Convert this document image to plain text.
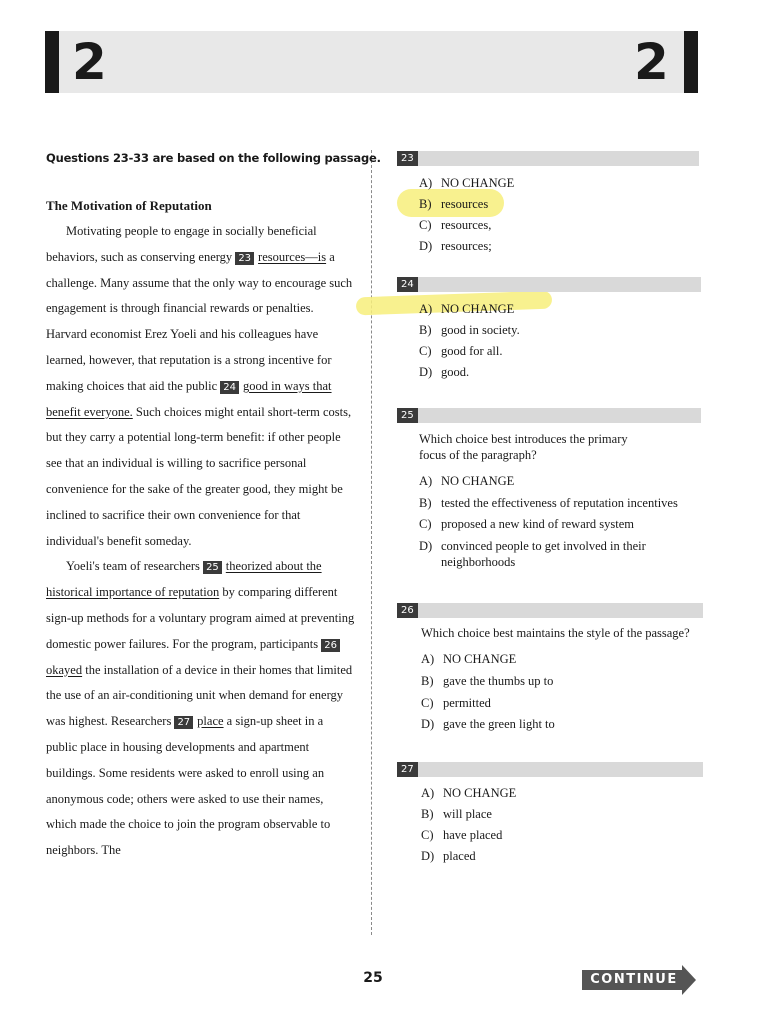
2	2
Questions 23-33 are based on the following passage.
The Motivation of Reputation

Motivating people to engage in socially beneficial behaviors, such as conserving energy 23 resources—is a challenge. Many assume that the only way to encourage such engagement is through financial rewards or penalties. Harvard economist Erez Yoeli and his colleagues have learned, however, that reputation is a strong incentive for making choices that aid the public 24 good in ways that benefit everyone. Such choices might entail short-term costs, but they carry a potential long-term benefit: if other people see that an individual is willing to sacrifice personal convenience for the sake of the greater good, they might be inclined to sacrifice their own convenience for that individual's benefit someday.

Yoeli's team of researchers 25 theorized about the historical importance of reputation by comparing different sign-up methods for a voluntary program aimed at preventing domestic power failures. For the program, participants 26okayed the installation of a device in their homes that limited the use of an air-conditioning unit when demand for energy was highest. Researchers 27 place a sign-up sheet in a public place in housing developments and apartment buildings. Some residents were asked to enroll using an anonymous code; others were asked to use their names, which made the choice to join the program observable to neighbors. The

23
A) NO CHANGE
B) resources
C) resources,
D) resources;
24
A) NO CHANGE
B) good in society.
C) good for all.
D) good.
25
Which choice best introduces the primary
focus of the paragraph?
A) NO CHANGE
B) tested the effectiveness of reputation incentives
C) proposed a new kind of reward system
D) convinced people to get involved in their
neighborhoods
26
Which choice best maintains the style of the passage?
A) NO CHANGE
B) gave the thumbs up to
C) permitted
D) gave the green light to
27
A) NO CHANGE
B) will place
C) have placed
D) placed
25	CONTINUE
